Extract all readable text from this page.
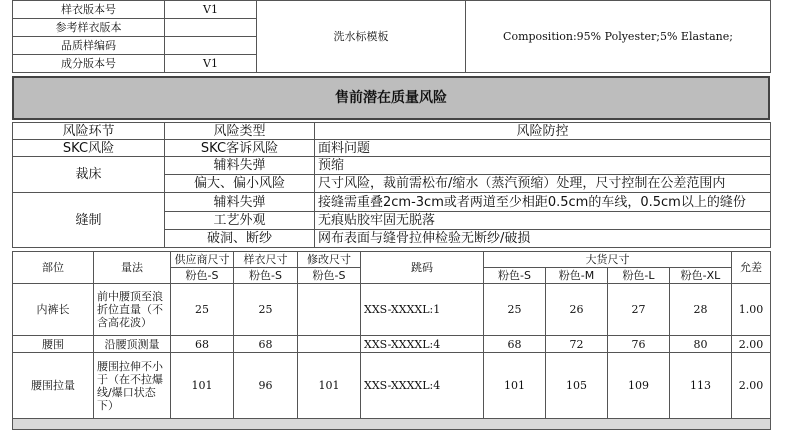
样衣版本号	V1	洗水标模板	Composition:95% Polyester;5% Elastane;
参考样衣版本			
品质样编码			
成分版本号	V1		
售前潜在质量风险
风险环节	风险类型	风险防控
SKC风险	SKC客诉风险	面料问题
裁床	辅料失弹	预缩
	偏大、偏小风险	尺寸风险，裁前需松布/缩水（蒸汽预缩）处理，尺寸控制在公差范围内
缝制	辅料失弹	接缝需重叠2cm-3cm或者两道至少相距0.5cm的车线，0.5cm以上的缝份
	工艺外观	无痕贴胶牢固无脱落
	破洞、断纱	网布表面与缝骨拉伸检验无断纱/破损
部位	量法	供应商尺寸	样衣尺寸	修改尺寸	跳码	大货尺寸				允差
		粉色-S	粉色-S	粉色-S		粉色-S	粉色-M	粉色-L	粉色-XL	
内裤长	前中腰顶至浪折位直量（不含高花波）	25	25		XXS-XXXXL:1	25	26	27	28	1.00
腰围	沿腰顶测量	68	68		XXS-XXXXL:4	68	72	76	80	2.00
腰围拉量	腰围拉伸不小于（在不拉爆线/爆口状态下）	101	96	101	XXS-XXXXL:4	101	105	109	113	2.00
